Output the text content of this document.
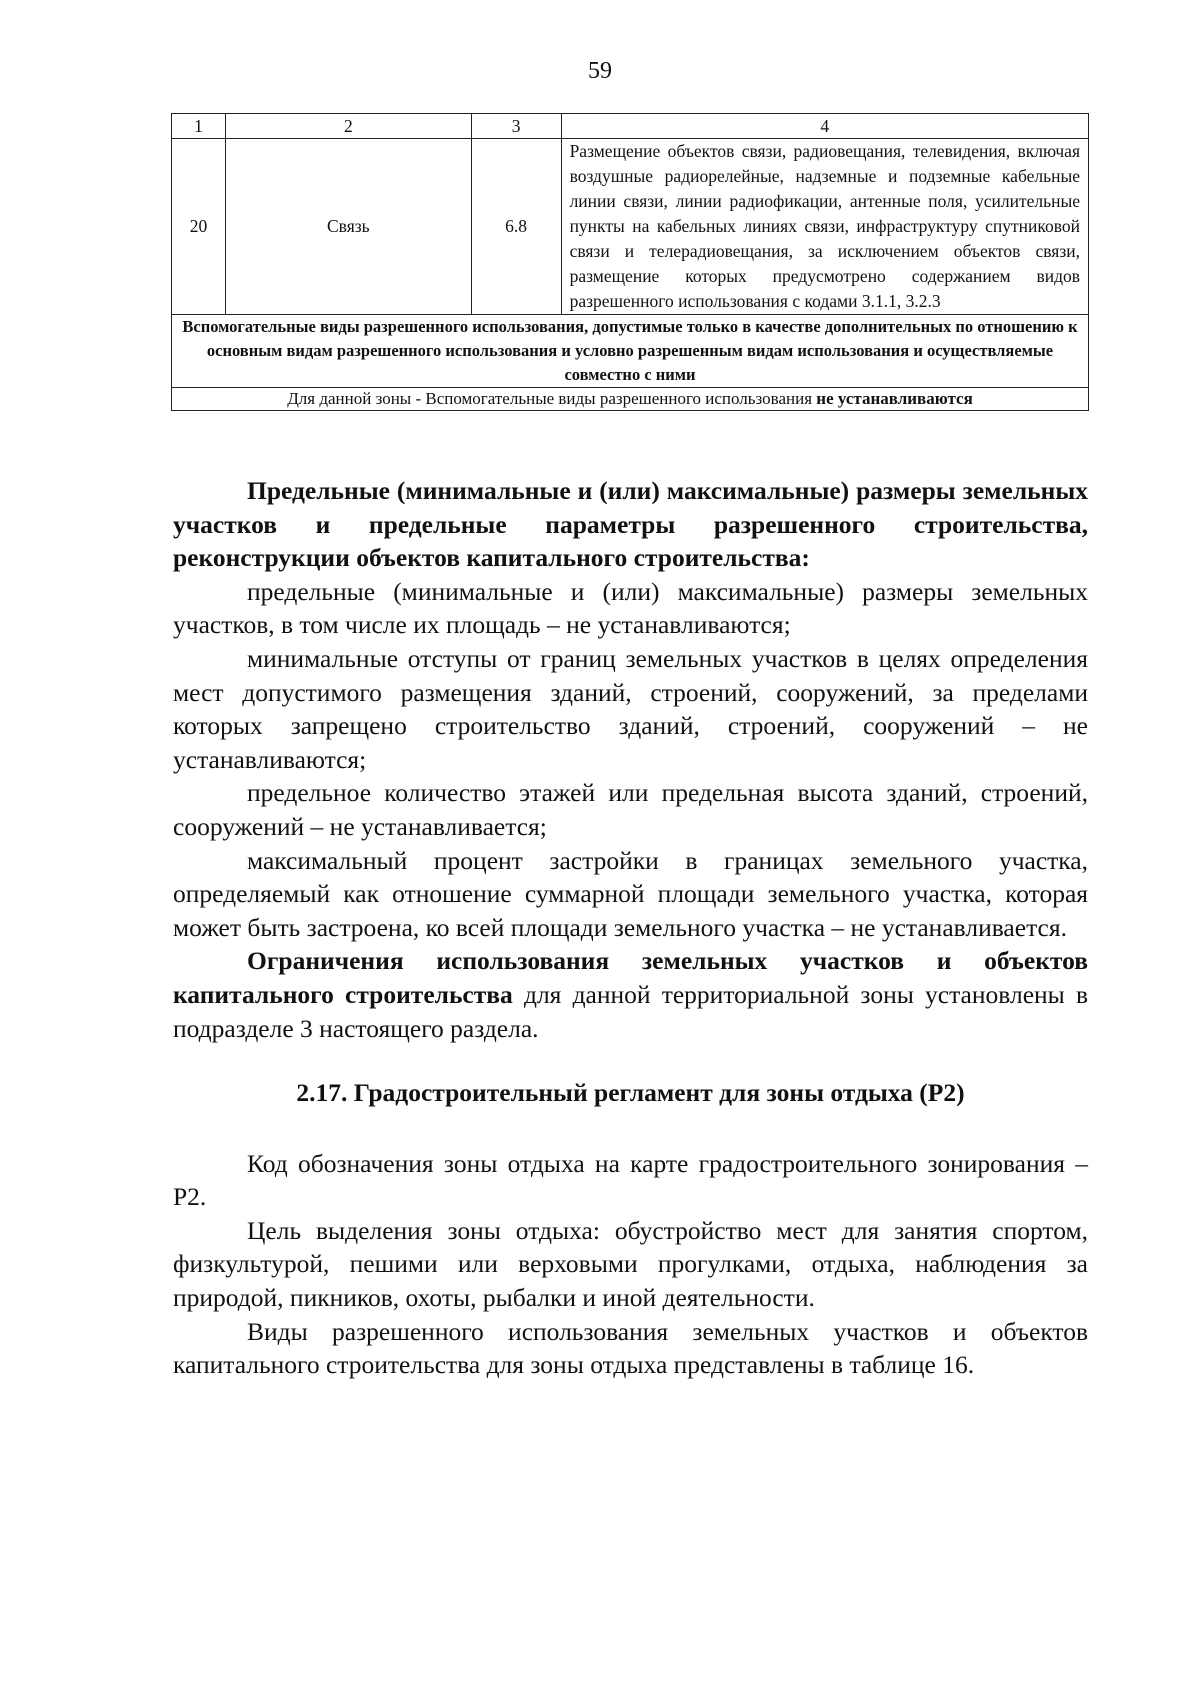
59
1	2	3	4
20	Связь	6.8	Размещение объектов связи, радиовещания, телевидения, включая воздушные радиорелейные, надземные и подземные кабельные линии связи, линии радиофикации, антенные поля, усилительные пункты на кабельных линиях связи, инфраструктуру спутниковой связи и телерадиовещания, за исключением объектов связи, размещение которых предусмотрено содержанием видов разрешенного использования с кодами 3.1.1, 3.2.3
Вспомогательные виды разрешенного использования, допустимые только в качестве дополнительных по отношению к основным видам разрешенного использования и условно разрешенным видам использования и осуществляемые совместно с ними			
Для данной зоны - Вспомогательные виды разрешенного использования не устанавливаются			

Предельные (минимальные и (или) максимальные) размеры земельных участков и предельные параметры разрешенного строительства, реконструкции объектов капитального строительства:

предельные (минимальные и (или) максимальные) размеры земельных участков, в том числе их площадь – не устанавливаются;

минимальные отступы от границ земельных участков в целях определения мест допустимого размещения зданий, строений, сооружений, за пределами которых запрещено строительство зданий, строений, сооружений – не устанавливаются;

предельное количество этажей или предельная высота зданий, строений, сооружений – не устанавливается;

максимальный процент застройки в границах земельного участка, определяемый как отношение суммарной площади земельного участка, которая может быть застроена, ко всей площади земельного участка – не устанавливается.

Ограничения использования земельных участков и объектов капитального строительства для данной территориальной зоны установлены в подразделе 3 настоящего раздела.

2.17. Градостроительный регламент для зоны отдыха (Р2)

Код обозначения зоны отдыха на карте градостроительного зонирования – Р2.

Цель выделения зоны отдыха: обустройство мест для занятия спортом, физкультурой, пешими или верховыми прогулками, отдыха, наблюдения за природой, пикников, охоты, рыбалки и иной деятельности.

Виды разрешенного использования земельных участков и объектов капитального строительства для зоны отдыха представлены в таблице 16.
